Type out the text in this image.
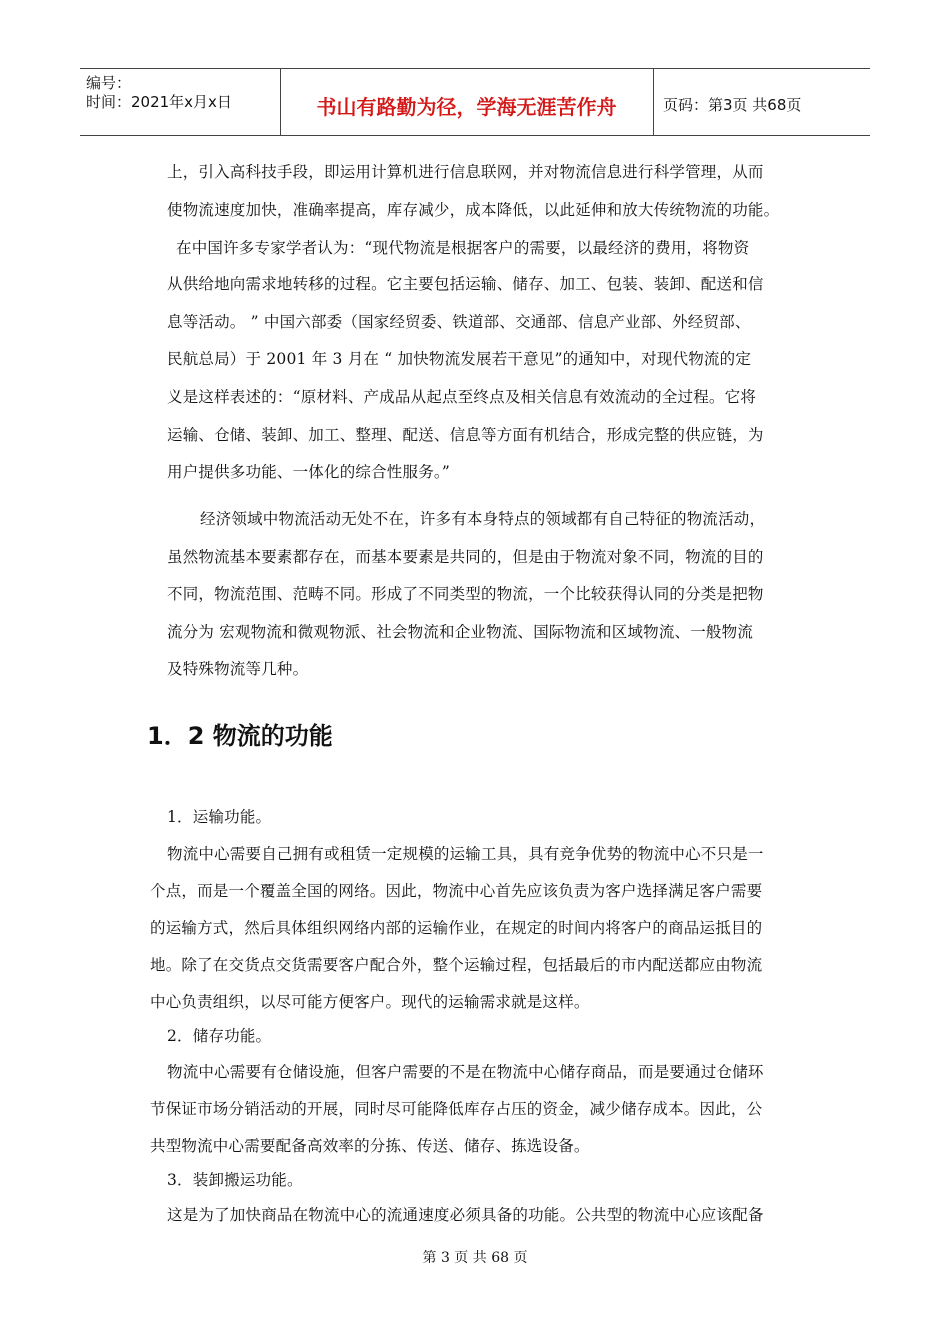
编号：
时间：2021年x月x日	书山有路勤为径，学海无涯苦作舟	页码：第3页 共68页
上，引入高科技手段，即运用计算机进行信息联网，并对物流信息进行科学管理，从而
使物流速度加快，准确率提高，库存减少，成本降低，以此延伸和放大传统物流的功能。
在中国许多专家学者认为：“现代物流是根据客户的需要，以最经济的费用，将物资
从供给地向需求地转移的过程。它主要包括运输、储存、加工、包装、装卸、配送和信
息等活动。 ” 中国六部委（国家经贸委、铁道部、交通部、信息产业部、外经贸部、
民航总局）于 2001 年 3 月在 “ 加快物流发展若干意见”的通知中，对现代物流的定
义是这样表述的：“原材料、产成品从起点至终点及相关信息有效流动的全过程。它将
运输、仓储、装卸、加工、整理、配送、信息等方面有机结合，形成完整的供应链，为
用户提供多功能、一体化的综合性服务。”
经济领域中物流活动无处不在，许多有本身特点的领域都有自己特征的物流活动，
虽然物流基本要素都存在，而基本要素是共同的，但是由于物流对象不同，物流的目的
不同，物流范围、范畴不同。形成了不同类型的物流，一个比较获得认同的分类是把物
流分为 宏观物流和微观物派、社会物流和企业物流、国际物流和区域物流、一般物流
及特殊物流等几种。
1．2 物流的功能
1．运输功能。
物流中心需要自己拥有或租赁一定规模的运输工具，具有竞争优势的物流中心不只是一
个点，而是一个覆盖全国的网络。因此，物流中心首先应该负责为客户选择满足客户需要
的运输方式，然后具体组织网络内部的运输作业，在规定的时间内将客户的商品运抵目的
地。除了在交货点交货需要客户配合外，整个运输过程，包括最后的市内配送都应由物流
中心负责组织，以尽可能方便客户。现代的运输需求就是这样。
2．储存功能。
物流中心需要有仓储设施，但客户需要的不是在物流中心储存商品，而是要通过仓储环
节保证市场分销活动的开展，同时尽可能降低库存占压的资金，减少储存成本。因此，公
共型物流中心需要配备高效率的分拣、传送、储存、拣选设备。
3．装卸搬运功能。
这是为了加快商品在物流中心的流通速度必须具备的功能。公共型的物流中心应该配备
第 3 页 共 68 页
